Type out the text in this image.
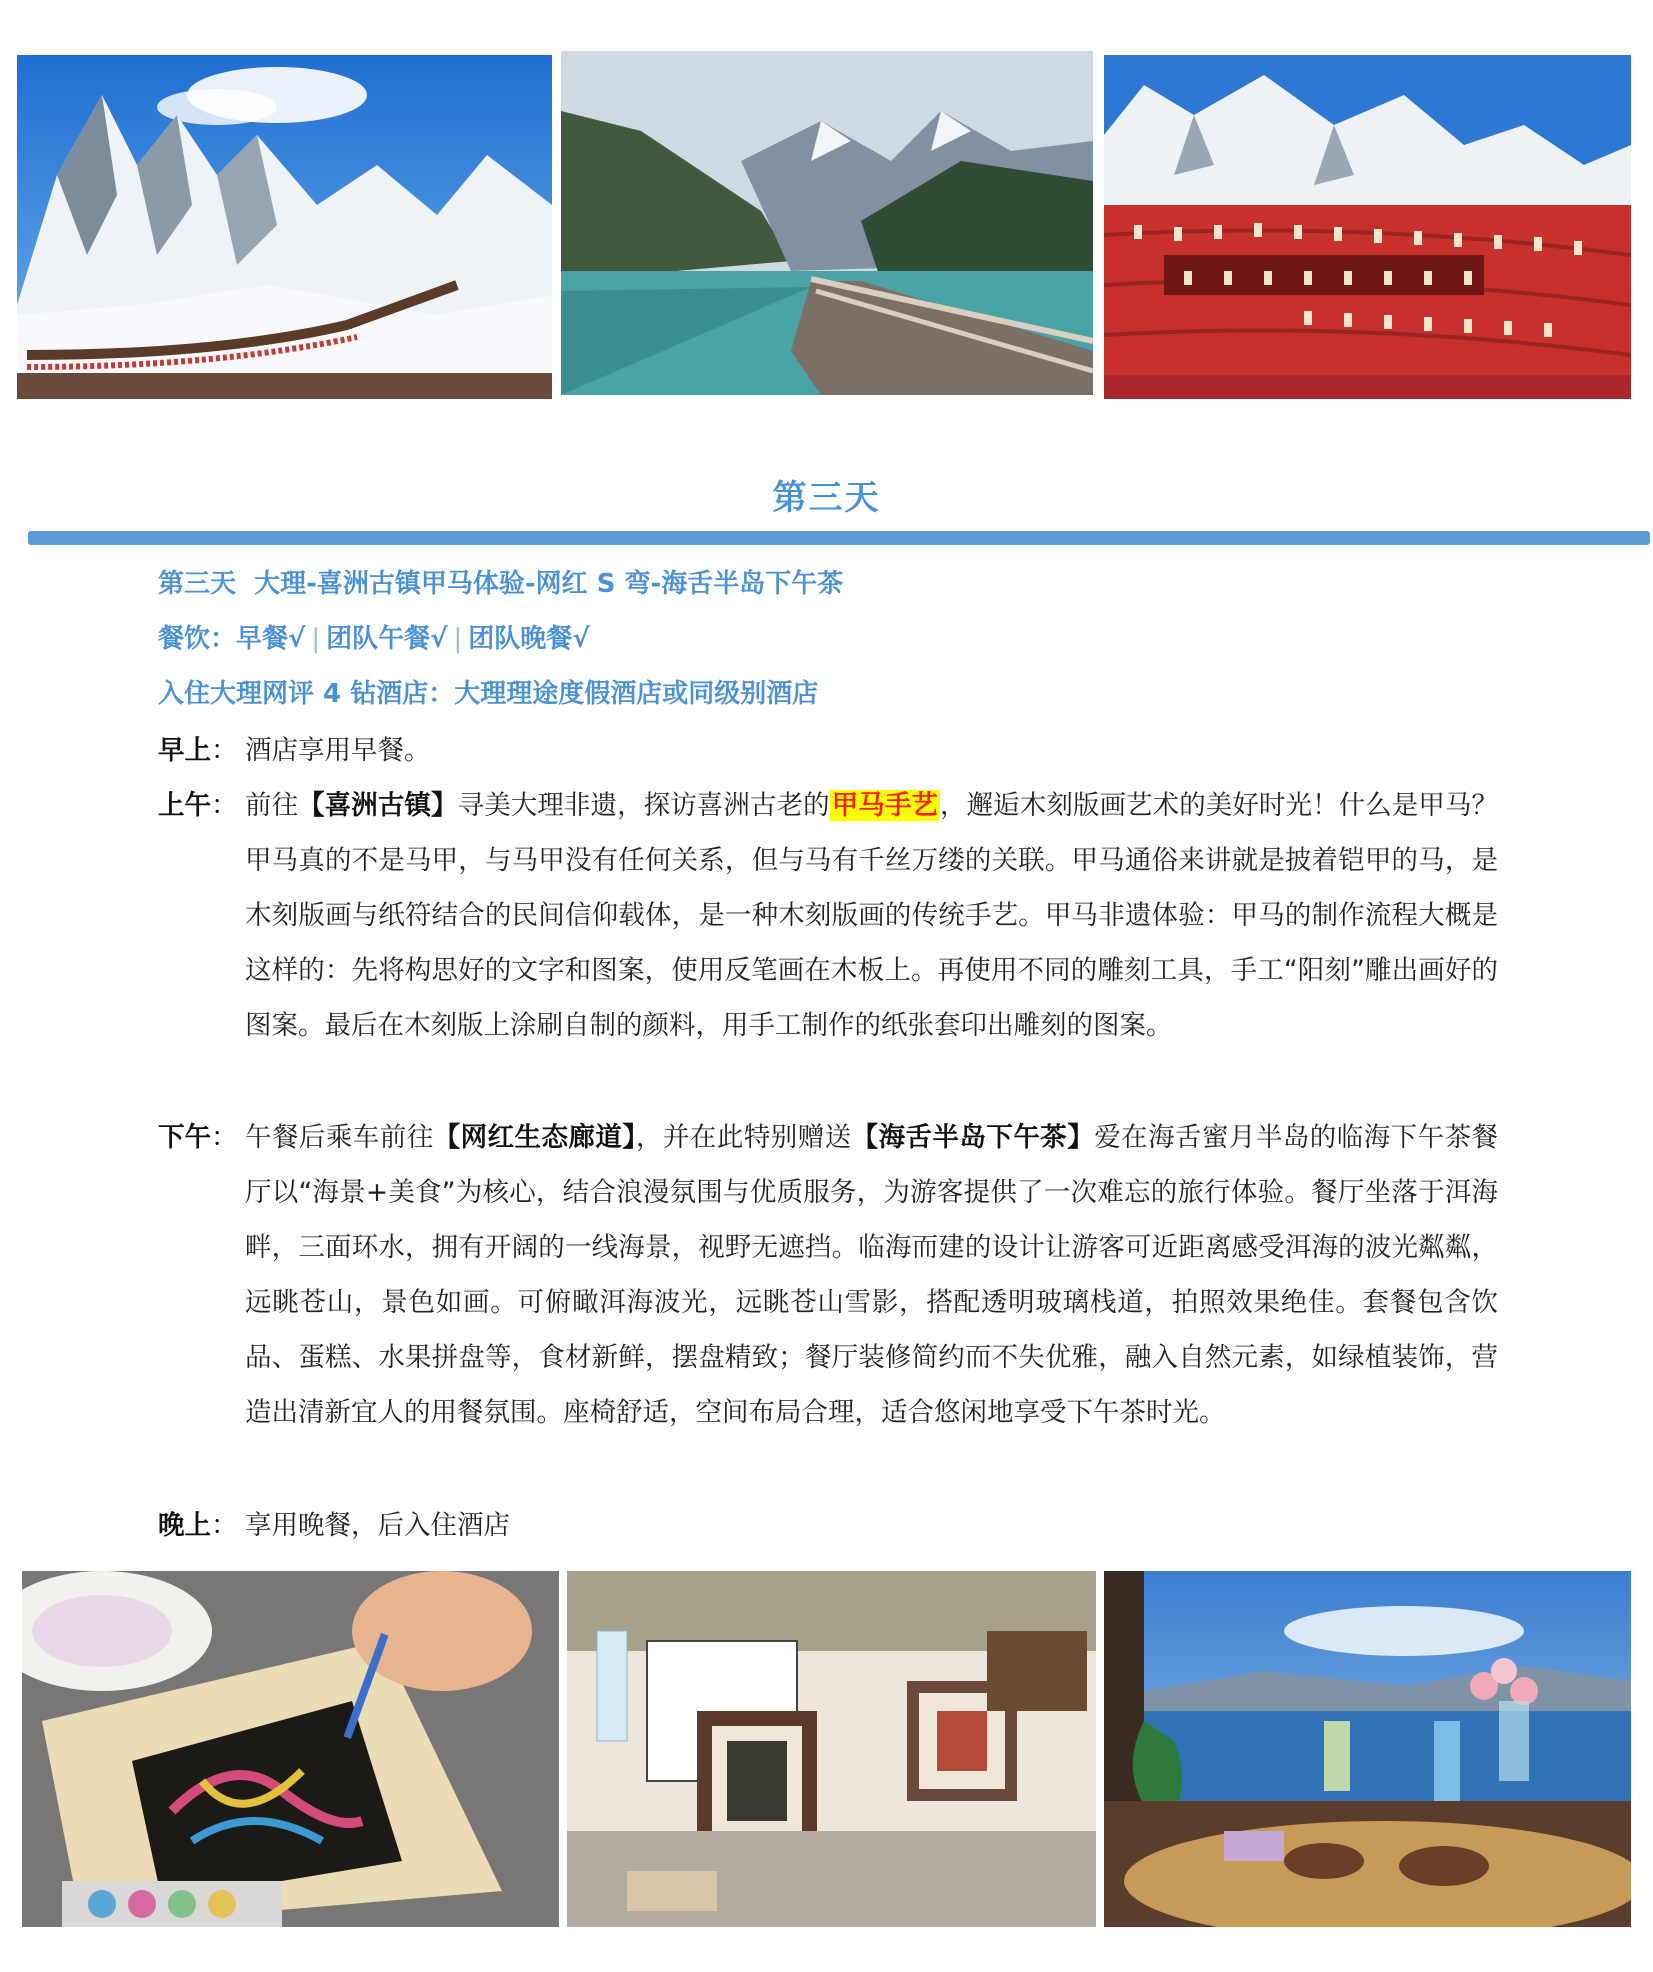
第三天
第三天  大理-喜洲古镇甲马体验-网红 S 弯-海舌半岛下午茶
餐饮：早餐√ | 团队午餐√ | 团队晚餐√
入住大理网评 4 钻酒店：大理理途度假酒店或同级别酒店
早上： 酒店享用早餐。
上午： 前往【喜洲古镇】寻美大理非遗，探访喜洲古老的甲马手艺，邂逅木刻版画艺术的美好时光！什么是甲马？甲马真的不是马甲，与马甲没有任何关系，但与马有千丝万缕的关联。甲马通俗来讲就是披着铠甲的马，是木刻版画与纸符结合的民间信仰载体，是一种木刻版画的传统手艺。甲马非遗体验：甲马的制作流程大概是这样的：先将构思好的文字和图案，使用反笔画在木板上。再使用不同的雕刻工具，手工“阳刻”雕出画好的图案。最后在木刻版上涂刷自制的颜料，用手工制作的纸张套印出雕刻的图案。
下午： 午餐后乘车前往【网红生态廊道】，并在此特别赠送【海舌半岛下午茶】爱在海舌蜜月半岛的临海下午茶餐厅以“海景+美食”为核心，结合浪漫氛围与优质服务，为游客提供了一次难忘的旅行体验。餐厅坐落于洱海畔，三面环水，拥有开阔的一线海景，视野无遮挡。临海而建的设计让游客可近距离感受洱海的波光粼粼，远眺苍山，景色如画。可俯瞰洱海波光，远眺苍山雪影，搭配透明玻璃栈道，拍照效果绝佳。套餐包含饮品、蛋糕、水果拼盘等，食材新鲜，摆盘精致；餐厅装修简约而不失优雅，融入自然元素，如绿植装饰，营造出清新宜人的用餐氛围。座椅舒适，空间布局合理，适合悠闲地享受下午茶时光。
晚上： 享用晚餐，后入住酒店
